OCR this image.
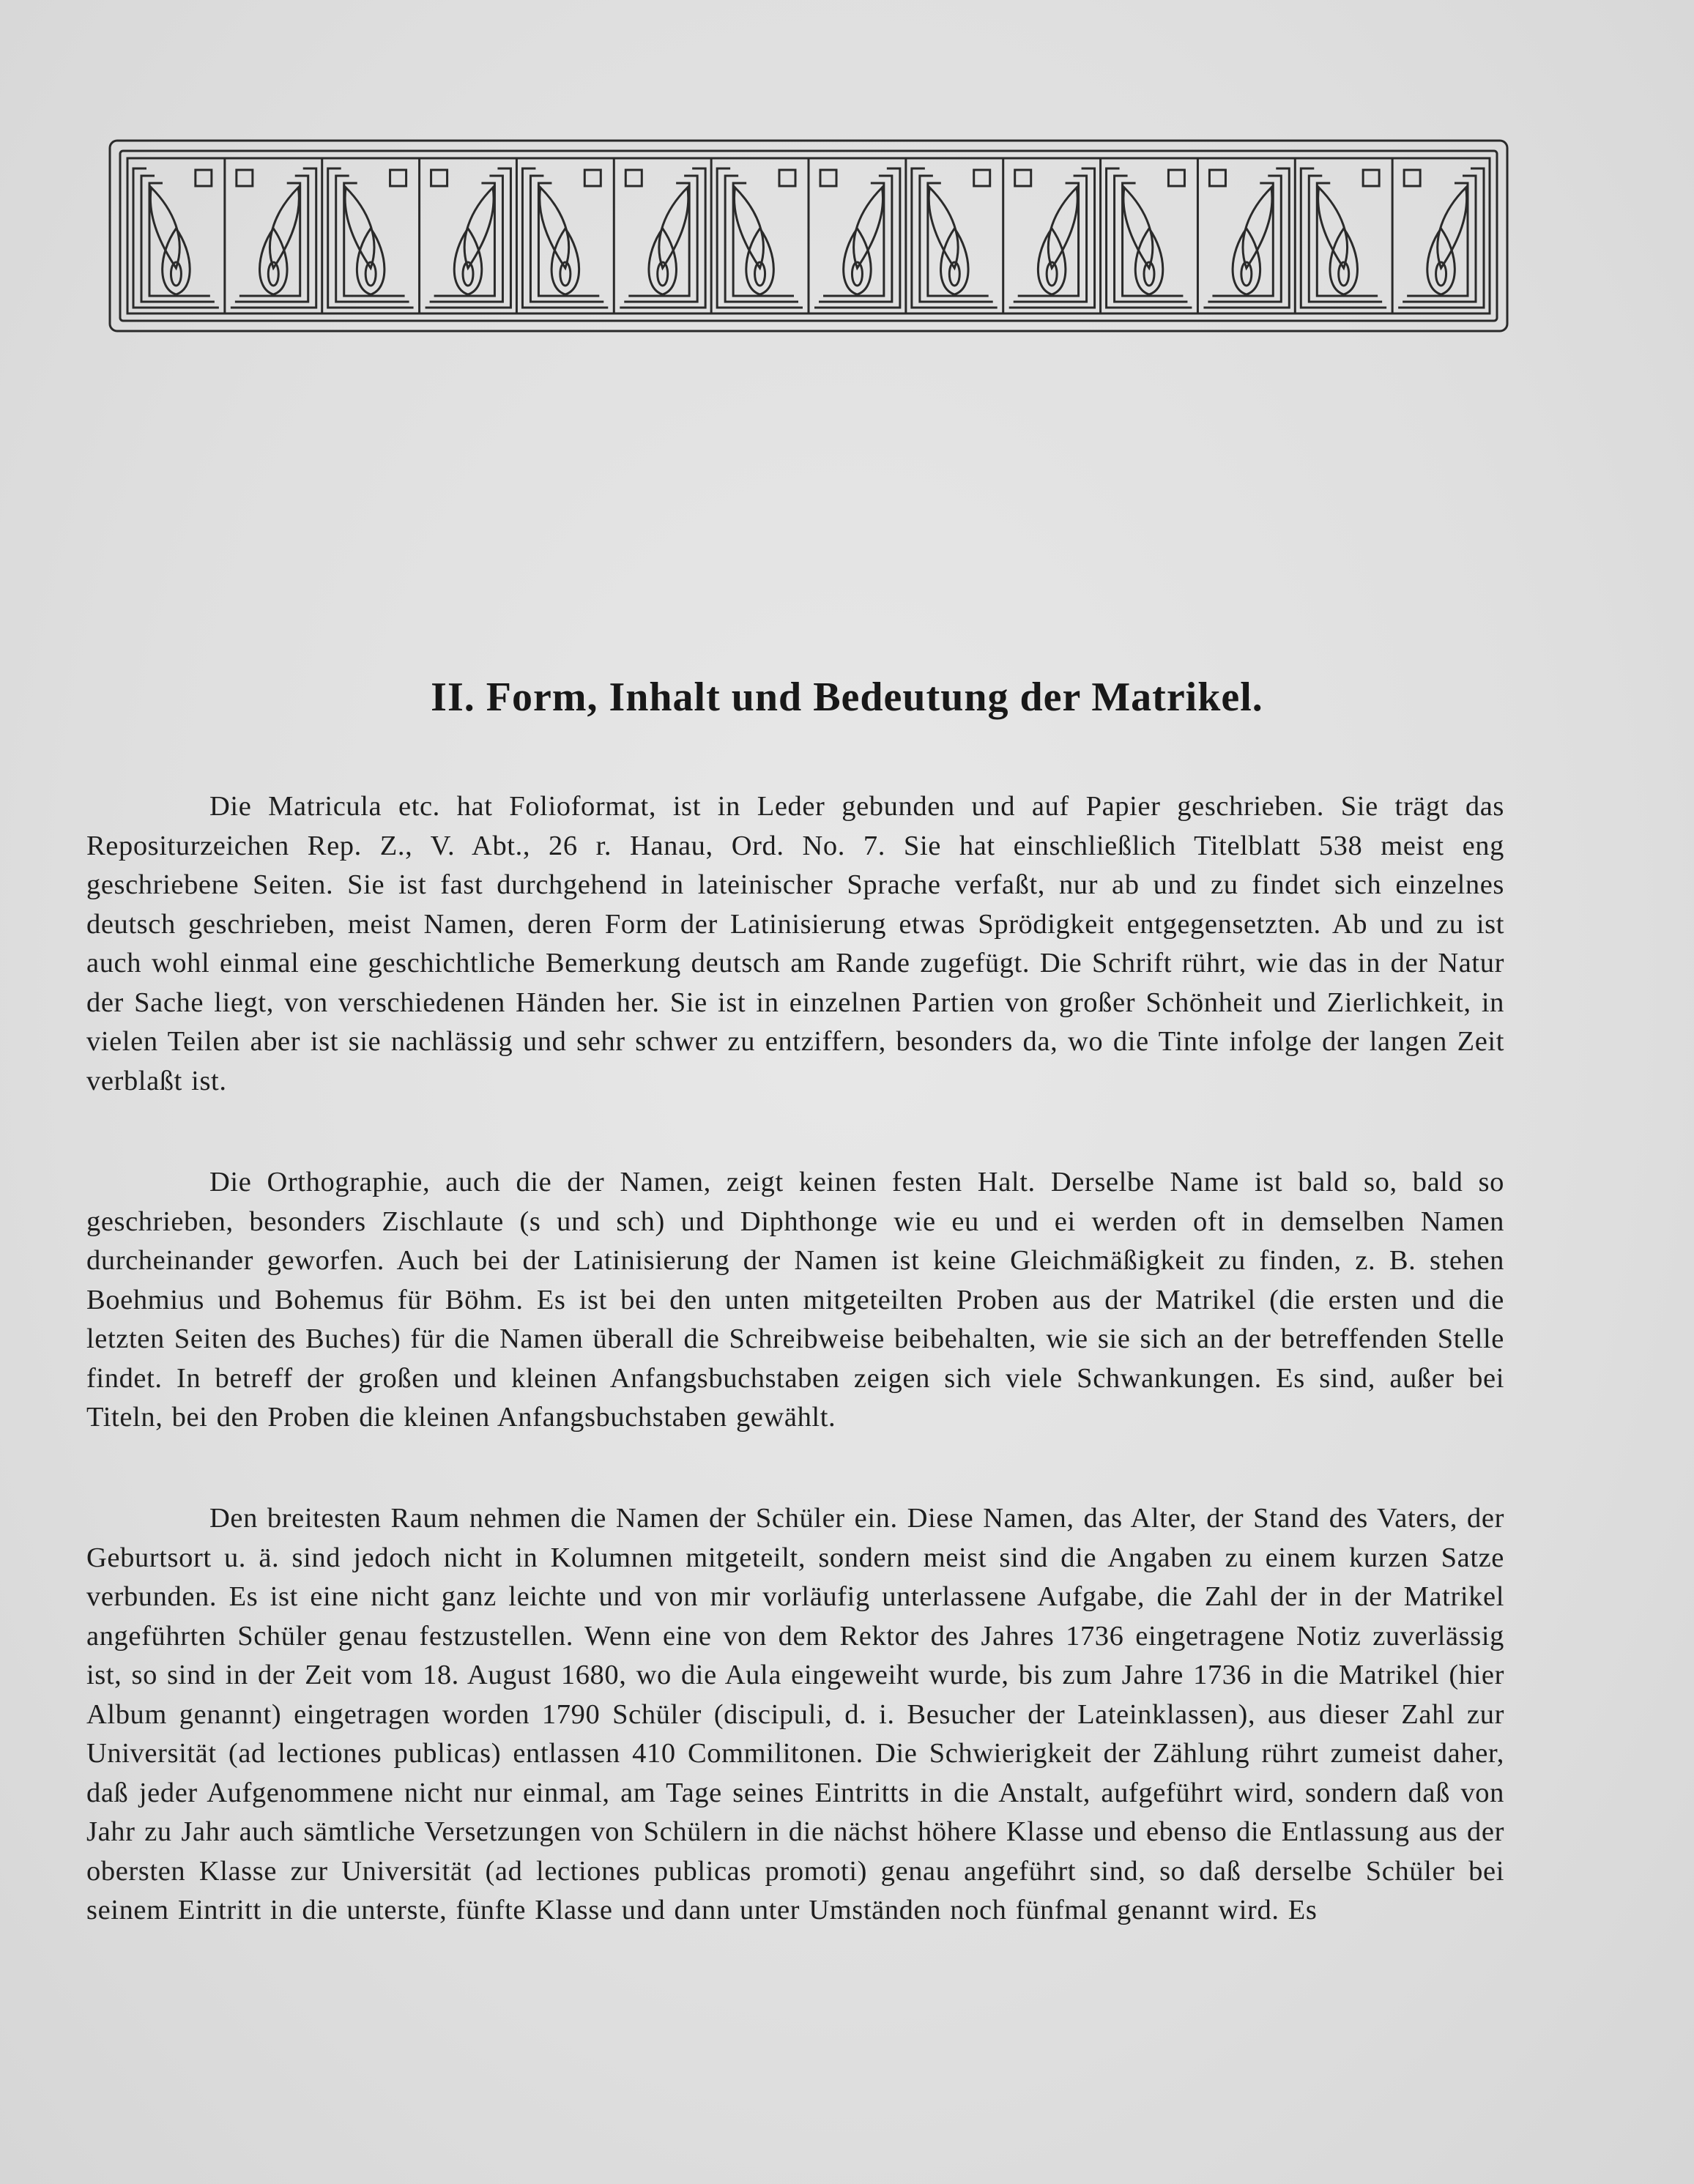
II. Form, Inhalt und Bedeutung der Matrikel.

Die Matricula etc. hat Folioformat, ist in Leder gebunden und auf Papier geschrieben. Sie trägt das Repositurzeichen Rep. Z., V. Abt., 26 r. Hanau, Ord. No. 7. Sie hat einschließlich Titelblatt 538 meist eng geschriebene Seiten. Sie ist fast durchgehend in lateinischer Sprache verfaßt, nur ab und zu findet sich einzelnes deutsch geschrieben, meist Namen, deren Form der Latinisierung etwas Sprödigkeit entgegensetzten. Ab und zu ist auch wohl einmal eine geschichtliche Bemerkung deutsch am Rande zugefügt. Die Schrift rührt, wie das in der Natur der Sache liegt, von verschiedenen Händen her. Sie ist in einzelnen Partien von großer Schönheit und Zierlichkeit, in vielen Teilen aber ist sie nachlässig und sehr schwer zu entziffern, besonders da, wo die Tinte infolge der langen Zeit verblaßt ist.

Die Orthographie, auch die der Namen, zeigt keinen festen Halt. Derselbe Name ist bald so, bald so geschrieben, besonders Zischlaute (s und sch) und Diphthonge wie eu und ei werden oft in demselben Namen durcheinander geworfen. Auch bei der Latinisierung der Namen ist keine Gleichmäßigkeit zu finden, z. B. stehen Boehmius und Bohemus für Böhm. Es ist bei den unten mitgeteilten Proben aus der Matrikel (die ersten und die letzten Seiten des Buches) für die Namen überall die Schreibweise beibehalten, wie sie sich an der betreffenden Stelle findet. In betreff der großen und kleinen Anfangsbuchstaben zeigen sich viele Schwankungen. Es sind, außer bei Titeln, bei den Proben die kleinen Anfangsbuchstaben gewählt.

Den breitesten Raum nehmen die Namen der Schüler ein. Diese Namen, das Alter, der Stand des Vaters, der Geburtsort u. ä. sind jedoch nicht in Kolumnen mitgeteilt, sondern meist sind die Angaben zu einem kurzen Satze verbunden. Es ist eine nicht ganz leichte und von mir vorläufig unterlassene Aufgabe, die Zahl der in der Matrikel angeführten Schüler genau festzustellen. Wenn eine von dem Rektor des Jahres 1736 eingetragene Notiz zuverlässig ist, so sind in der Zeit vom 18. August 1680, wo die Aula eingeweiht wurde, bis zum Jahre 1736 in die Matrikel (hier Album genannt) eingetragen worden 1790 Schüler (discipuli, d. i. Besucher der Lateinklassen), aus dieser Zahl zur Universität (ad lectiones publicas) entlassen 410 Commilitonen. Die Schwierigkeit der Zählung rührt zumeist daher, daß jeder Aufgenommene nicht nur einmal, am Tage seines Eintritts in die Anstalt, aufgeführt wird, sondern daß von Jahr zu Jahr auch sämtliche Versetzungen von Schülern in die nächst höhere Klasse und ebenso die Entlassung aus der obersten Klasse zur Universität (ad lectiones publicas promoti) genau angeführt sind, so daß derselbe Schüler bei seinem Eintritt in die unterste, fünfte Klasse und dann unter Umständen noch fünfmal genannt wird. Es
